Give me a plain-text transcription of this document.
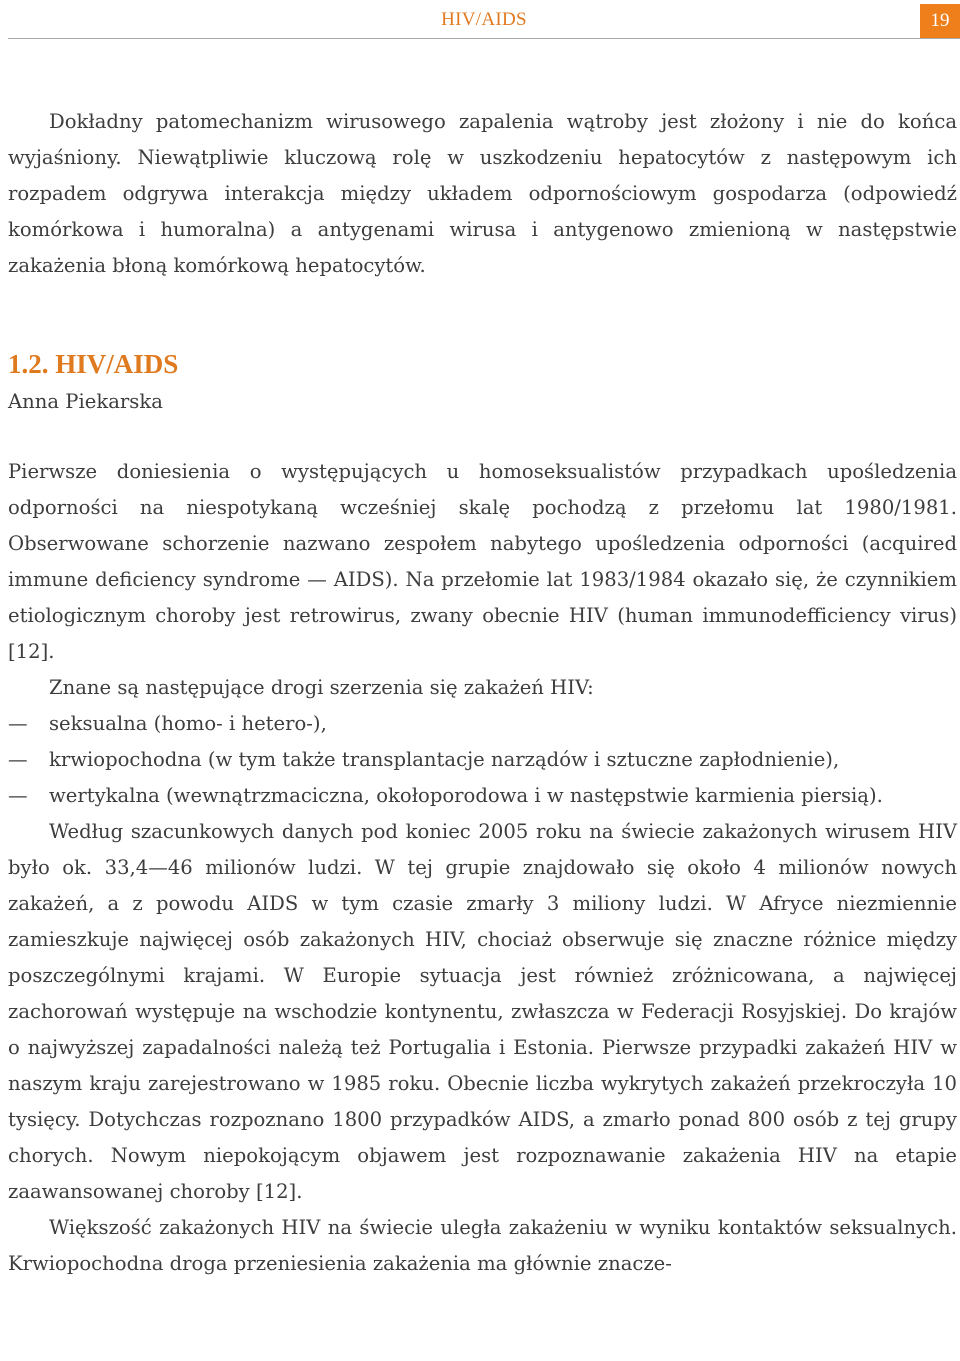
HIV/AIDS	19

Dokładny patomechanizm wirusowego zapalenia wątroby jest złożony i nie do końca wyjaśniony. Niewątpliwie kluczową rolę w uszkodzeniu hepatocytów z następowym ich rozpadem odgrywa interakcja między układem odpornościowym gospodarza (odpowiedź komórkowa i humoralna) a antygenami wirusa i antygenowo zmienioną w następstwie zakażenia błoną komórkową hepatocytów.

1.2. HIV/AIDS
Anna Piekarska

Pierwsze doniesienia o występujących u homoseksualistów przypadkach upośledzenia odporności na niespotykaną wcześniej skalę pochodzą z przełomu lat 1980/1981. Obserwowane schorzenie nazwano zespołem nabytego upośledzenia odporności (acquired immune deficiency syndrome — AIDS). Na przełomie lat 1983/1984 okazało się, że czynnikiem etiologicznym choroby jest retrowirus, zwany obecnie HIV (human immunodefficiency virus) [12].

Znane są następujące drogi szerzenia się zakażeń HIV:

— seksualna (homo- i hetero-),
— krwiopochodna (w tym także transplantacje narządów i sztuczne zapłodnienie),
— wertykalna (wewnątrzmaciczna, okołoporodowa i w następstwie karmienia piersią).

Według szacunkowych danych pod koniec 2005 roku na świecie zakażonych wirusem HIV było ok. 33,4—46 milionów ludzi. W tej grupie znajdowało się około 4 milionów nowych zakażeń, a z powodu AIDS w tym czasie zmarły 3 miliony ludzi. W Afryce niezmiennie zamieszkuje najwięcej osób zakażonych HIV, chociaż obserwuje się znaczne różnice między poszczególnymi krajami. W Europie sytuacja jest również zróżnicowana, a najwięcej zachorowań występuje na wschodzie kontynentu, zwłaszcza w Federacji Rosyjskiej. Do krajów o najwyższej zapadalności należą też Portugalia i Estonia. Pierwsze przypadki zakażeń HIV w naszym kraju zarejestrowano w 1985 roku. Obecnie liczba wykrytych zakażeń przekroczyła 10 tysięcy. Dotychczas rozpoznano 1800 przypadków AIDS, a zmarło ponad 800 osób z tej grupy chorych. Nowym niepokojącym objawem jest rozpoznawanie zakażenia HIV na etapie zaawansowanej choroby [12].

Większość zakażonych HIV na świecie uległa zakażeniu w wyniku kontaktów seksualnych. Krwiopochodna droga przeniesienia zakażenia ma głównie znacze-
